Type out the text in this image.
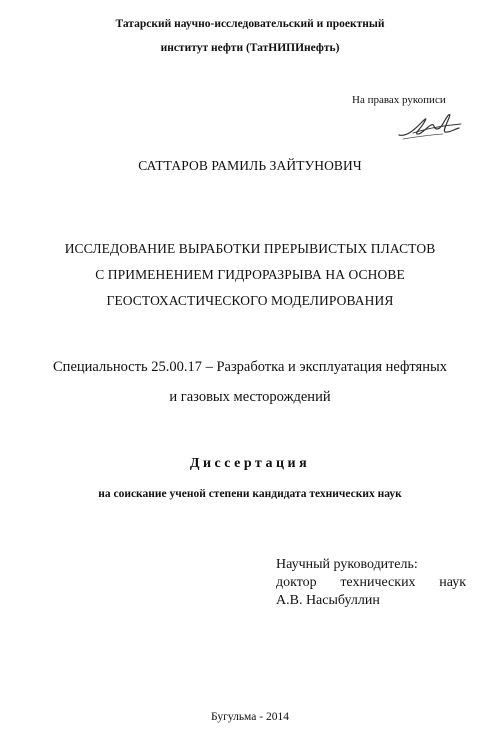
Татарский научно-исследовательский и проектный
институт нефти (ТатНИПИнефть)
На правах рукописи
САТТАРОВ РАМИЛЬ ЗАЙТУНОВИЧ
ИССЛЕДОВАНИЕ ВЫРАБОТКИ ПРЕРЫВИСТЫХ ПЛАСТОВ
С ПРИМЕНЕНИЕМ ГИДРОРАЗРЫВА НА ОСНОВЕ
ГЕОСТОХАСТИЧЕСКОГО МОДЕЛИРОВАНИЯ
Специальность 25.00.17 – Разработка и эксплуатация нефтяных
и газовых месторождений
Диссертация
на соискание ученой степени кандидата технических наук
Научный руководитель:
доктор технических наук
А.В. Насыбуллин
Бугульма - 2014
